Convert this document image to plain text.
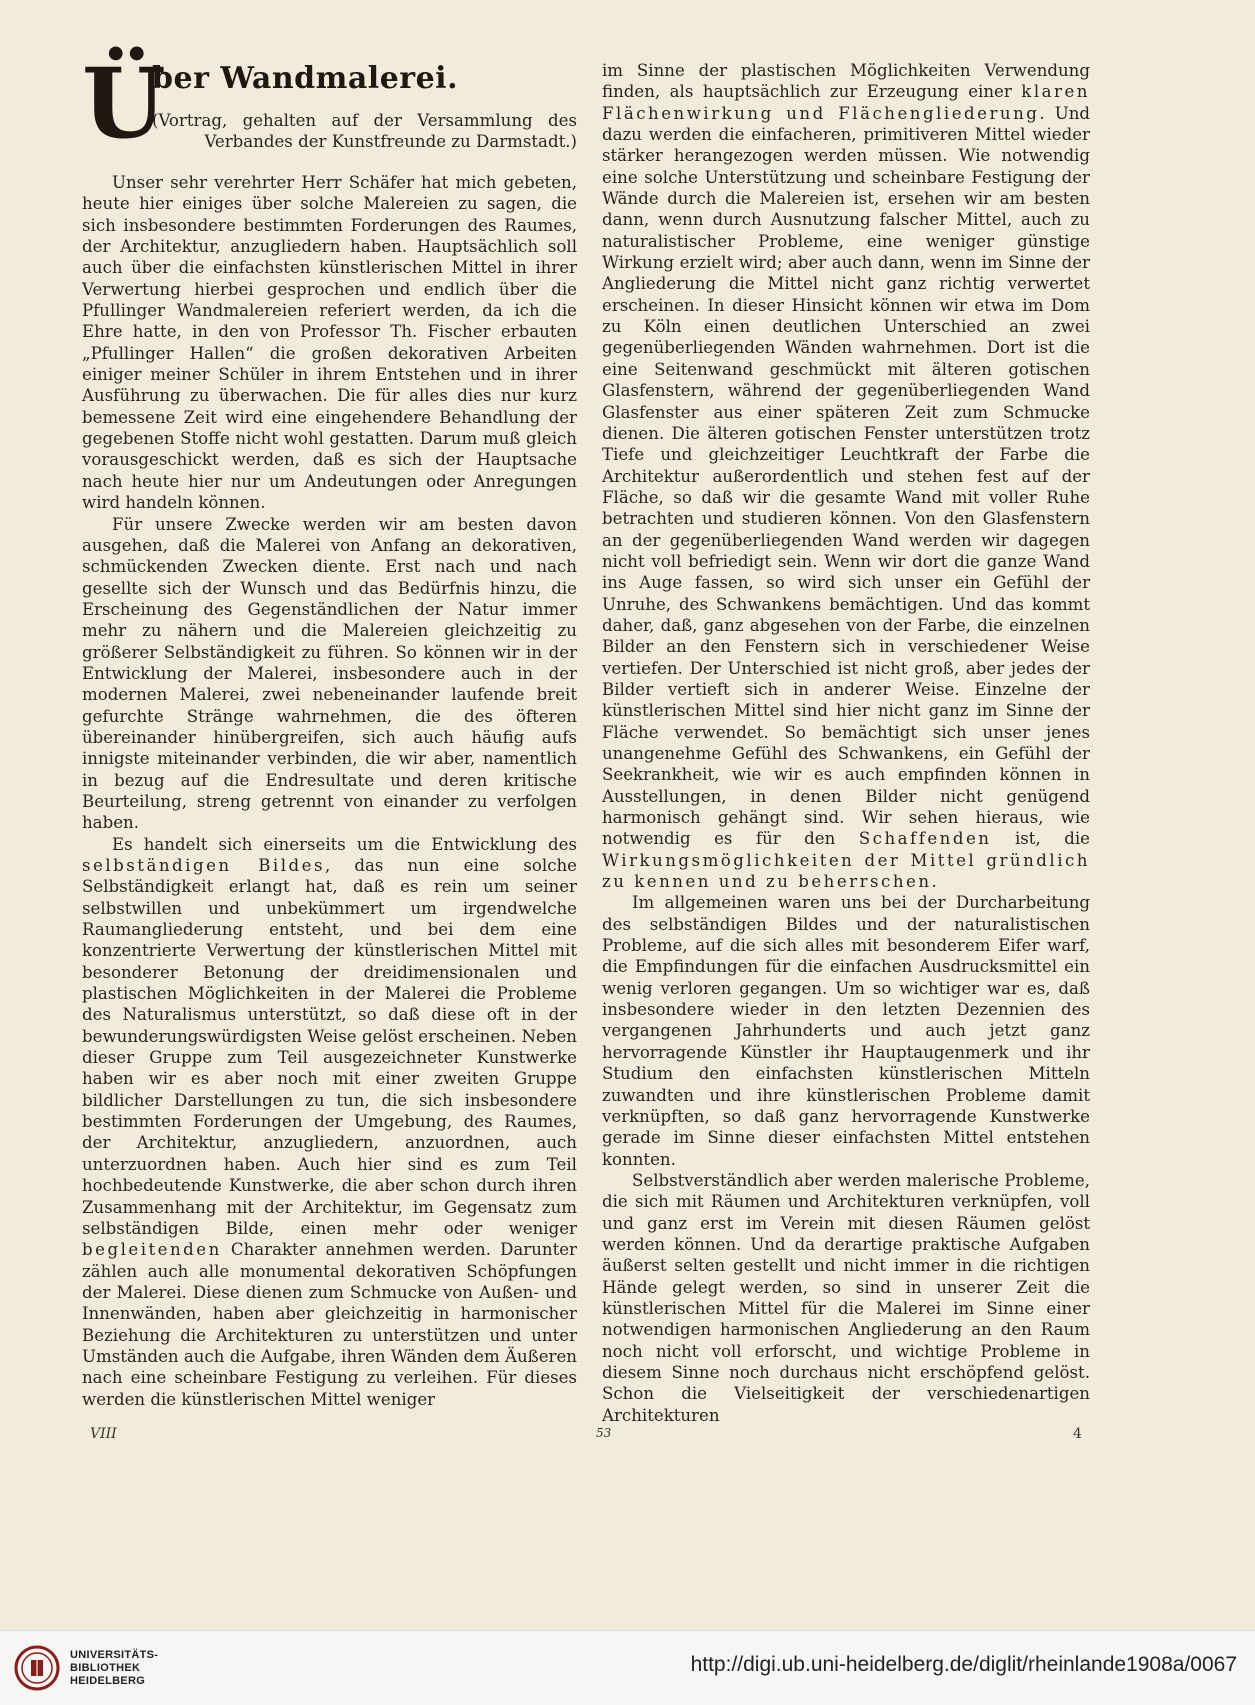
Ü
ber Wandmalerei.

(Vortrag, gehalten auf der Versammlung des Verbandes der Kunstfreunde zu Darmstadt.)

Unser sehr verehrter Herr Schäfer hat mich gebeten, heute hier einiges über solche Malereien zu sagen, die sich insbesondere bestimmten Forderungen des Raumes, der Architektur, anzugliedern haben. Hauptsächlich soll auch über die einfachsten künstlerischen Mittel in ihrer Verwertung hierbei gesprochen und endlich über die Pfullinger Wandmalereien referiert werden, da ich die Ehre hatte, in den von Professor Th. Fischer erbauten „Pfullinger Hallen“ die großen dekorativen Arbeiten einiger meiner Schüler in ihrem Entstehen und in ihrer Ausführung zu überwachen. Die für alles dies nur kurz bemessene Zeit wird eine eingehendere Behandlung der gegebenen Stoffe nicht wohl gestatten. Darum muß gleich vorausgeschickt werden, daß es sich der Hauptsache nach heute hier nur um Andeutungen oder Anregungen wird handeln können.

Für unsere Zwecke werden wir am besten davon ausgehen, daß die Malerei von Anfang an dekorativen, schmückenden Zwecken diente. Erst nach und nach gesellte sich der Wunsch und das Bedürfnis hinzu, die Erscheinung des Gegenständlichen der Natur immer mehr zu nähern und die Malereien gleichzeitig zu größerer Selbständigkeit zu führen. So können wir in der Entwicklung der Malerei, insbesondere auch in der modernen Malerei, zwei nebeneinander laufende breit gefurchte Stränge wahrnehmen, die des öfteren übereinander hinübergreifen, sich auch häufig aufs innigste miteinander verbinden, die wir aber, namentlich in bezug auf die Endresultate und deren kritische Beurteilung, streng getrennt von einander zu verfolgen haben.

Es handelt sich einerseits um die Entwicklung des selbständigen Bildes, das nun eine solche Selbständigkeit erlangt hat, daß es rein um seiner selbstwillen und unbekümmert um irgendwelche Raumangliederung entsteht, und bei dem eine konzentrierte Verwertung der künstlerischen Mittel mit besonderer Betonung der dreidimensionalen und plastischen Möglichkeiten in der Malerei die Probleme des Naturalismus unterstützt, so daß diese oft in der bewunderungswürdigsten Weise gelöst erscheinen. Neben dieser Gruppe zum Teil ausgezeichneter Kunstwerke haben wir es aber noch mit einer zweiten Gruppe bildlicher Darstellungen zu tun, die sich insbesondere bestimmten Forderungen der Umgebung, des Raumes, der Architektur, anzugliedern, anzuordnen, auch unterzuordnen haben. Auch hier sind es zum Teil hochbedeutende Kunstwerke, die aber schon durch ihren Zusammenhang mit der Architektur, im Gegensatz zum selbständigen Bilde, einen mehr oder weniger begleitenden Charakter annehmen werden. Darunter zählen auch alle monumental dekorativen Schöpfungen der Malerei. Diese dienen zum Schmucke von Außen- und Innenwänden, haben aber gleichzeitig in harmonischer Beziehung die Architekturen zu unterstützen und unter Umständen auch die Aufgabe, ihren Wänden dem Äußeren nach eine scheinbare Festigung zu verleihen. Für dieses werden die künstlerischen Mittel weniger

im Sinne der plastischen Möglichkeiten Verwendung finden, als hauptsächlich zur Erzeugung einer klaren Flächenwirkung und Flächengliederung. Und dazu werden die einfacheren, primitiveren Mittel wieder stärker herangezogen werden müssen. Wie notwendig eine solche Unterstützung und scheinbare Festigung der Wände durch die Malereien ist, ersehen wir am besten dann, wenn durch Ausnutzung falscher Mittel, auch zu naturalistischer Probleme, eine weniger günstige Wirkung erzielt wird; aber auch dann, wenn im Sinne der Angliederung die Mittel nicht ganz richtig verwertet erscheinen. In dieser Hinsicht können wir etwa im Dom zu Köln einen deutlichen Unterschied an zwei gegenüberliegenden Wänden wahrnehmen. Dort ist die eine Seitenwand geschmückt mit älteren gotischen Glasfenstern, während der gegenüberliegenden Wand Glasfenster aus einer späteren Zeit zum Schmucke dienen. Die älteren gotischen Fenster unterstützen trotz Tiefe und gleichzeitiger Leuchtkraft der Farbe die Architektur außerordentlich und stehen fest auf der Fläche, so daß wir die gesamte Wand mit voller Ruhe betrachten und studieren können. Von den Glasfenstern an der gegenüberliegenden Wand werden wir dagegen nicht voll befriedigt sein. Wenn wir dort die ganze Wand ins Auge fassen, so wird sich unser ein Gefühl der Unruhe, des Schwankens bemächtigen. Und das kommt daher, daß, ganz abgesehen von der Farbe, die einzelnen Bilder an den Fenstern sich in verschiedener Weise vertiefen. Der Unterschied ist nicht groß, aber jedes der Bilder vertieft sich in anderer Weise. Einzelne der künstlerischen Mittel sind hier nicht ganz im Sinne der Fläche verwendet. So bemächtigt sich unser jenes unangenehme Gefühl des Schwankens, ein Gefühl der Seekrankheit, wie wir es auch empfinden können in Ausstellungen, in denen Bilder nicht genügend harmonisch gehängt sind. Wir sehen hieraus, wie notwendig es für den Schaffenden ist, die Wirkungsmöglichkeiten der Mittel gründlich zu kennen und zu beherrschen.

Im allgemeinen waren uns bei der Durcharbeitung des selbständigen Bildes und der naturalistischen Probleme, auf die sich alles mit besonderem Eifer warf, die Empfindungen für die einfachen Ausdrucksmittel ein wenig verloren gegangen. Um so wichtiger war es, daß insbesondere wieder in den letzten Dezennien des vergangenen Jahrhunderts und auch jetzt ganz hervorragende Künstler ihr Hauptaugenmerk und ihr Studium den einfachsten künstlerischen Mitteln zuwandten und ihre künstlerischen Probleme damit verknüpften, so daß ganz hervorragende Kunstwerke gerade im Sinne dieser einfachsten Mittel entstehen konnten.

Selbstverständlich aber werden malerische Probleme, die sich mit Räumen und Architekturen verknüpfen, voll und ganz erst im Verein mit diesen Räumen gelöst werden können. Und da derartige praktische Aufgaben äußerst selten gestellt und nicht immer in die richtigen Hände gelegt werden, so sind in unserer Zeit die künstlerischen Mittel für die Malerei im Sinne einer notwendigen harmonischen Angliederung an den Raum noch nicht voll erforscht, und wichtige Probleme in diesem Sinne noch durchaus nicht erschöpfend gelöst. Schon die Vielseitigkeit der verschiedenartigen Architekturen

VIII	53	4
UNIVERSITÄTS-
BIBLIOTHEK
HEIDELBERG
http://digi.ub.uni-heidelberg.de/diglit/rheinlande1908a/0067
